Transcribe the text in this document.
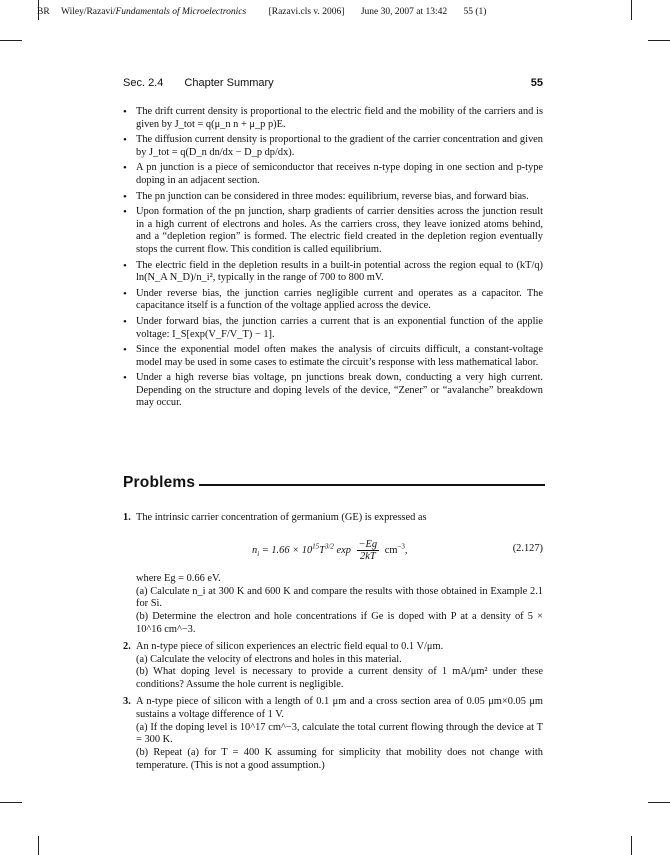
BR Wiley/Razavi/Fundamentals of Microelectronics [Razavi.cls v. 2006] June 30, 2007 at 13:42 55 (1)
Sec. 2.4 Chapter Summary	55
• The drift current density is proportional to the electric field and the mobility of the carriers and is given by J_tot = q(μ_n n + μ_p p)E.
• The diffusion current density is proportional to the gradient of the carrier concentration and given by J_tot = q(D_n dn/dx − D_p dp/dx).
• A pn junction is a piece of semiconductor that receives n-type doping in one section and p-type doping in an adjacent section.
• The pn junction can be considered in three modes: equilibrium, reverse bias, and forward bias.
• Upon formation of the pn junction, sharp gradients of carrier densities across the junction result in a high current of electrons and holes. As the carriers cross, they leave ionized atoms behind, and a “depletion region” is formed. The electric field created in the depletion region eventually stops the current flow. This condition is called equilibrium.
• The electric field in the depletion results in a built-in potential across the region equal to (kT/q) ln(N_A N_D)/n_i², typically in the range of 700 to 800 mV.
• Under reverse bias, the junction carries negligible current and operates as a capacitor. The capacitance itself is a function of the voltage applied across the device.
• Under forward bias, the junction carries a current that is an exponential function of the applie voltage: I_S[exp(V_F/V_T) − 1].
• Since the exponential model often makes the analysis of circuits difficult, a constant-voltage model may be used in some cases to estimate the circuit’s response with less mathematical labor.
• Under a high reverse bias voltage, pn junctions break down, conducting a very high current. Depending on the structure and doping levels of the device, “Zener” or “avalanche” breakdown may occur.
Problems
1. The intrinsic carrier concentration of germanium (GE) is expressed as
$n_i = 1.66 \times 10^{15}T^{3/2}$ $\exp \frac{-Eg}{2kT} cm^{-3}$,	(2.127)
where Eg = 0.66 eV.
(a) Calculate n_i at 300 K and 600 K and compare the results with those obtained in Example 2.1 for Si.
(b) Determine the electron and hole concentrations if Ge is doped with P at a density of 5 × 10^16 cm^−3.
2. An n-type piece of silicon experiences an electric field equal to 0.1 V/μm.
(a) Calculate the velocity of electrons and holes in this material.
(b) What doping level is necessary to provide a current density of 1 mA/μm² under these conditions? Assume the hole current is negligible.
3. A n-type piece of silicon with a length of 0.1 μm and a cross section area of 0.05 μm×0.05 μm sustains a voltage difference of 1 V.
(a) If the doping level is 10^17 cm^−3, calculate the total current flowing through the device at T = 300 K.
(b) Repeat (a) for T = 400 K assuming for simplicity that mobility does not change with temperature. (This is not a good assumption.)
